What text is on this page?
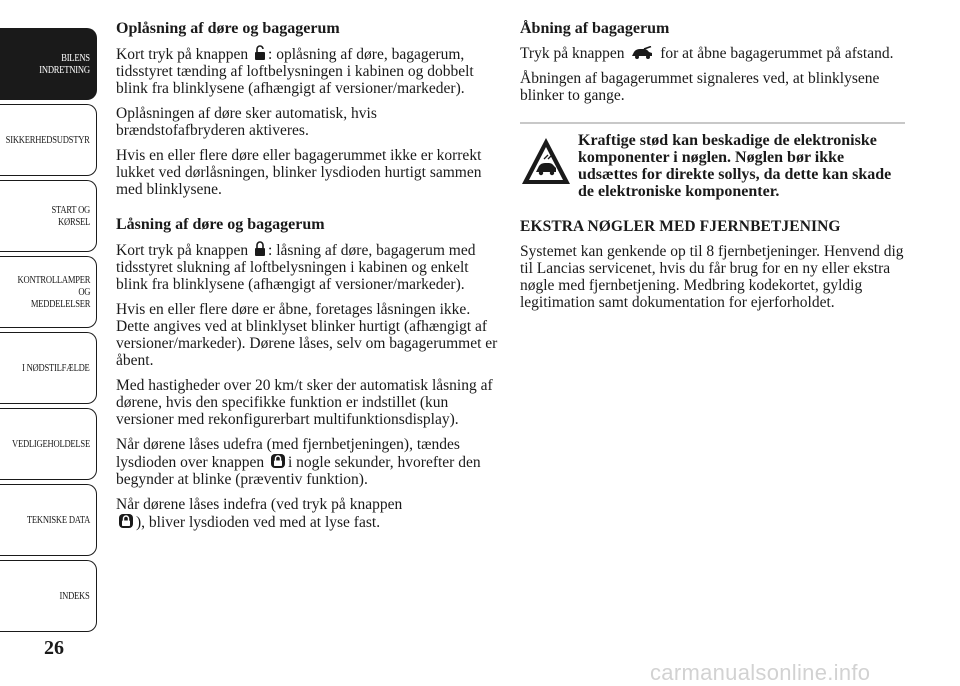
BILENS
INDRETNING
SIKKERHEDSUDSTYR
START OG KØRSEL
KONTROLLAMPER
OG MEDDELELSER
I NØDSTILFÆLDE
VEDLIGEHOLDELSE
TEKNISKE DATA
INDEKS
26

Oplåsning af døre og bagagerum

Kort tryk på knappen : oplåsning af døre, bagagerum, tidsstyret tænding af loftbelysningen i kabinen og dobbelt blink fra blinklysene (afhængigt af versioner/markeder).

Oplåsningen af døre sker automatisk, hvis brændstofafbryderen aktiveres.

Hvis en eller flere døre eller bagagerummet ikke er korrekt lukket ved dørlåsningen, blinker lysdioden hurtigt sammen med blinklysene.

Låsning af døre og bagagerum

Kort tryk på knappen : låsning af døre, bagagerum med tidsstyret slukning af loftbelysningen i kabinen og enkelt blink fra blinklysene (afhængigt af versioner/markeder).

Hvis en eller flere døre er åbne, foretages låsningen ikke. Dette angives ved at blinklyset blinker hurtigt (afhængigt af versioner/markeder). Dørene låses, selv om bagagerummet er åbent.

Med hastigheder over 20 km/t sker der automatisk låsning af dørene, hvis den specifikke funktion er indstillet (kun versioner med rekonfigurerbart multifunktionsdisplay).

Når dørene låses udefra (med fjernbetjeningen), tændes lysdioden over knappen i nogle sekunder, hvorefter den begynder at blinke (præventiv funktion).

Når dørene låses indefra (ved tryk på knappen
), bliver lysdioden ved med at lyse fast.

Åbning af bagagerum

Tryk på knappen for at åbne bagagerummet på afstand.

Åbningen af bagagerummet signaleres ved, at blinklysene blinker to gange.

Kraftige stød kan beskadige de elektroniske komponenter i nøglen. Nøglen bør ikke udsættes for direkte sollys, da dette kan skade de elektroniske komponenter.

EKSTRA NØGLER MED FJERNBETJENING

Systemet kan genkende op til 8 fjernbetjeninger. Henvend dig til Lancias servicenet, hvis du får brug for en ny eller ekstra nøgle med fjernbetjening. Medbring kodekortet, gyldig legitimation samt dokumentation for ejerforholdet.

carmanualsonline.info
